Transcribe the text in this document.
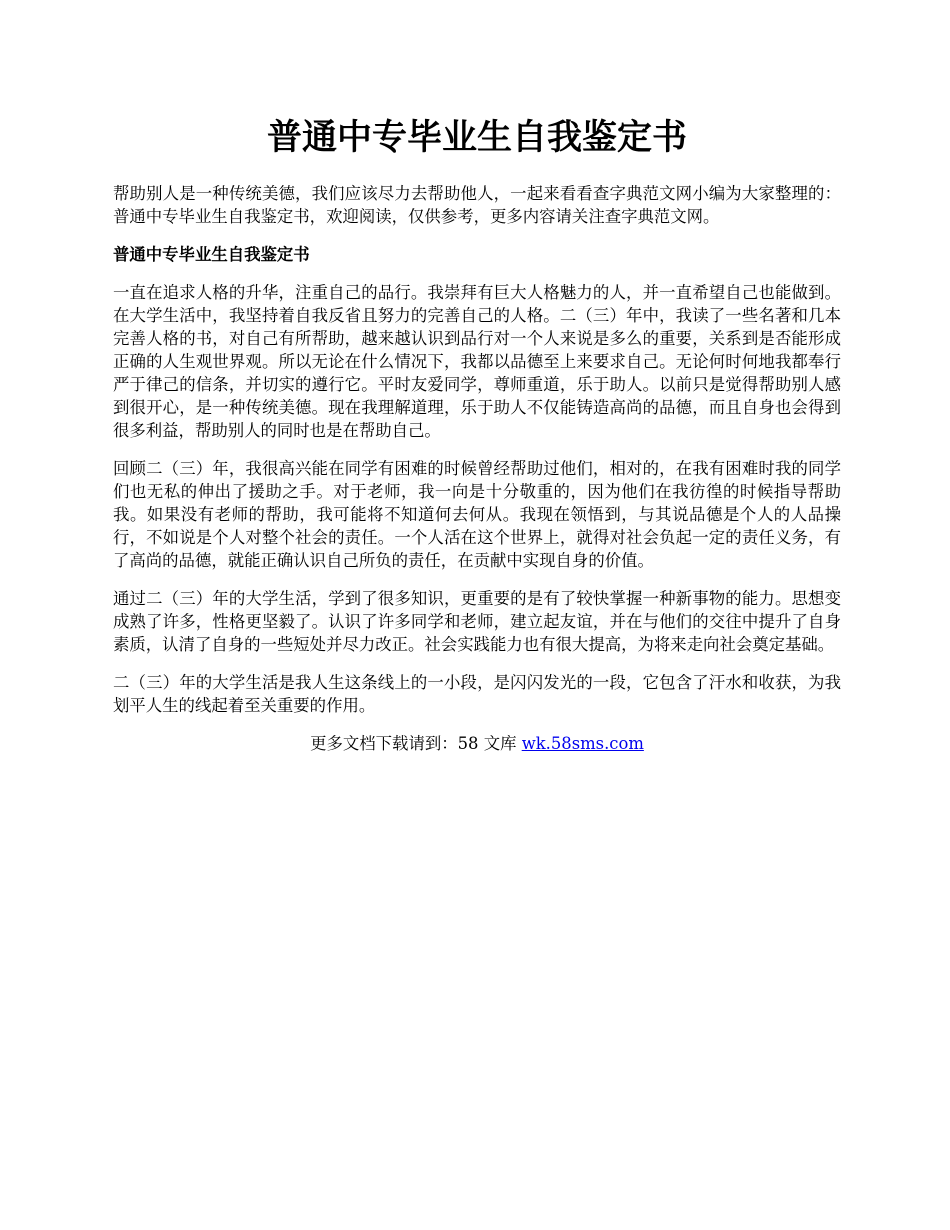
普通中专毕业生自我鉴定书

帮助别人是一种传统美德，我们应该尽力去帮助他人，一起来看看查字典范文网小编为大家整理的：普通中专毕业生自我鉴定书，欢迎阅读，仅供参考，更多内容请关注查字典范文网。

普通中专毕业生自我鉴定书

一直在追求人格的升华，注重自己的品行。我崇拜有巨大人格魅力的人，并一直希望自己也能做到。在大学生活中，我坚持着自我反省且努力的完善自己的人格。二（三）年中，我读了一些名著和几本完善人格的书，对自己有所帮助，越来越认识到品行对一个人来说是多么的重要，关系到是否能形成正确的人生观世界观。所以无论在什么情况下，我都以品德至上来要求自己。无论何时何地我都奉行严于律己的信条，并切实的遵行它。平时友爱同学，尊师重道，乐于助人。以前只是觉得帮助别人感到很开心，是一种传统美德。现在我理解道理，乐于助人不仅能铸造高尚的品德，而且自身也会得到很多利益，帮助别人的同时也是在帮助自己。

回顾二（三）年，我很高兴能在同学有困难的时候曾经帮助过他们，相对的，在我有困难时我的同学们也无私的伸出了援助之手。对于老师，我一向是十分敬重的，因为他们在我彷徨的时候指导帮助我。如果没有老师的帮助，我可能将不知道何去何从。我现在领悟到，与其说品德是个人的人品操行，不如说是个人对整个社会的责任。一个人活在这个世界上，就得对社会负起一定的责任义务，有了高尚的品德，就能正确认识自己所负的责任，在贡献中实现自身的价值。

通过二（三）年的大学生活，学到了很多知识，更重要的是有了较快掌握一种新事物的能力。思想变成熟了许多，性格更坚毅了。认识了许多同学和老师，建立起友谊，并在与他们的交往中提升了自身素质，认清了自身的一些短处并尽力改正。社会实践能力也有很大提高，为将来走向社会奠定基础。

二（三）年的大学生活是我人生这条线上的一小段，是闪闪发光的一段，它包含了汗水和收获，为我划平人生的线起着至关重要的作用。

更多文档下载请到：58 文库 wk.58sms.com
